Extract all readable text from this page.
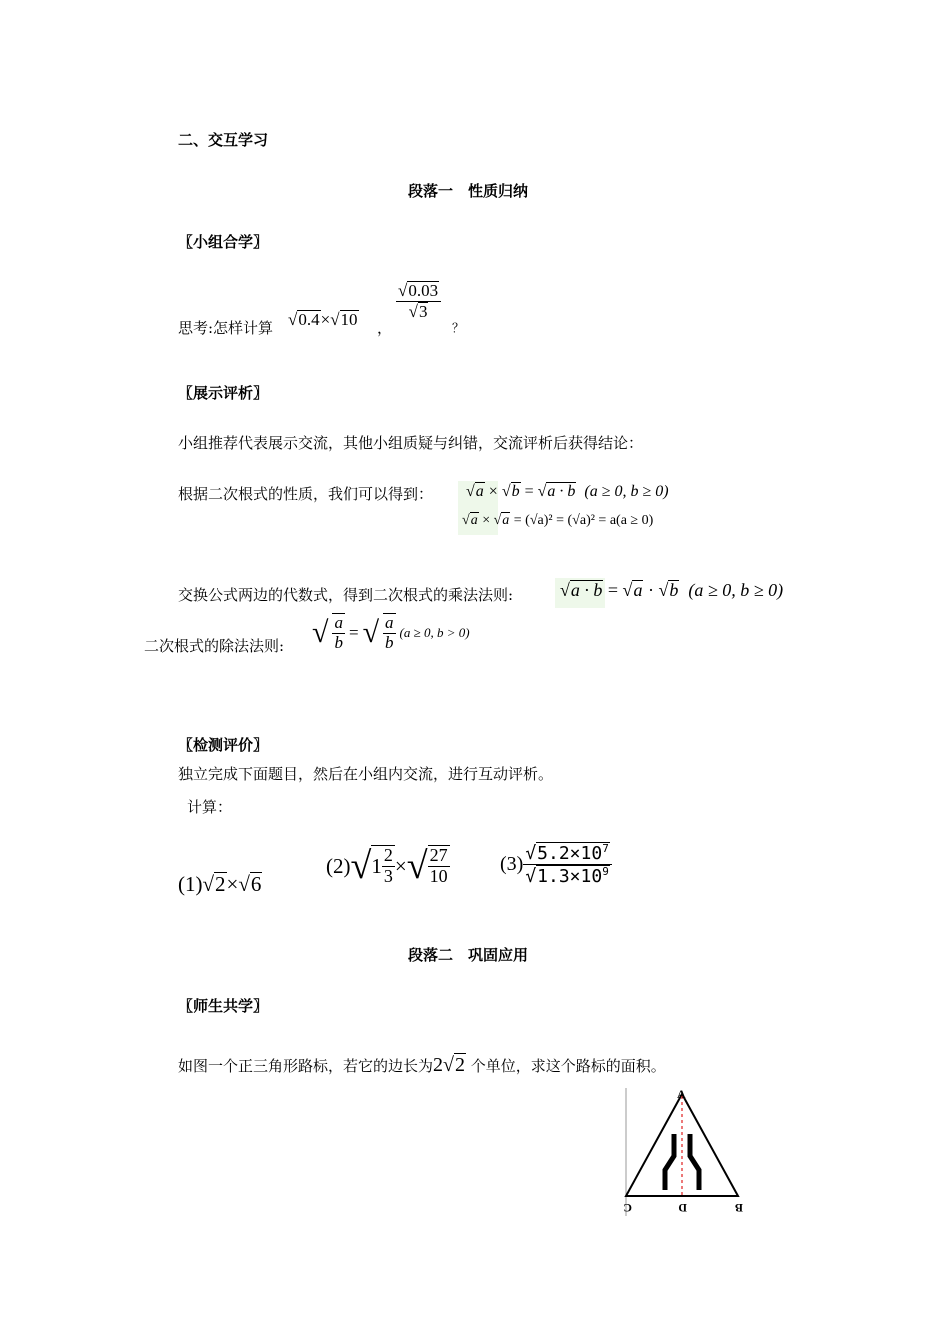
二、交互学习
段落一　性质归纳
〖小组合学〗
思考:怎样计算 √0.4×√10 ，
$\frac{√0.03}{√3}$
？
〖展示评析〗
小组推荐代表展示交流，其他小组质疑与纠错，交流评析后获得结论：
根据二次根式的性质，我们可以得到： √a × √b = √a · b (a ≥ 0, b ≥ 0)
√a × √a = (√a)² = (√a)² = a(a ≥ 0)
交换公式两边的代数式，得到二次根式的乘法法则:	√a · b = √a · √b (a ≥ 0, b ≥ 0)
二次根式的除法法则: √ $\frac{a}{b}$ = √ $\frac{a}{b} (a \ge 0$, b > 0)
〖检测评价〗
独立完成下面题目，然后在小组内交流，进行互动评析。
计算：
(1)√2×√6
(2) √ $1 \frac{2}{3}$ × √ $\frac{27}{10}$	$(3) \frac{√5.2\times 10^7}{√1.3\times 10^9}$
段落二　巩固应用
〖师生共学〗
如图一个正三角形路标，若它的边长为2√2 个单位，求这个路标的面积。
A
C	D	B
